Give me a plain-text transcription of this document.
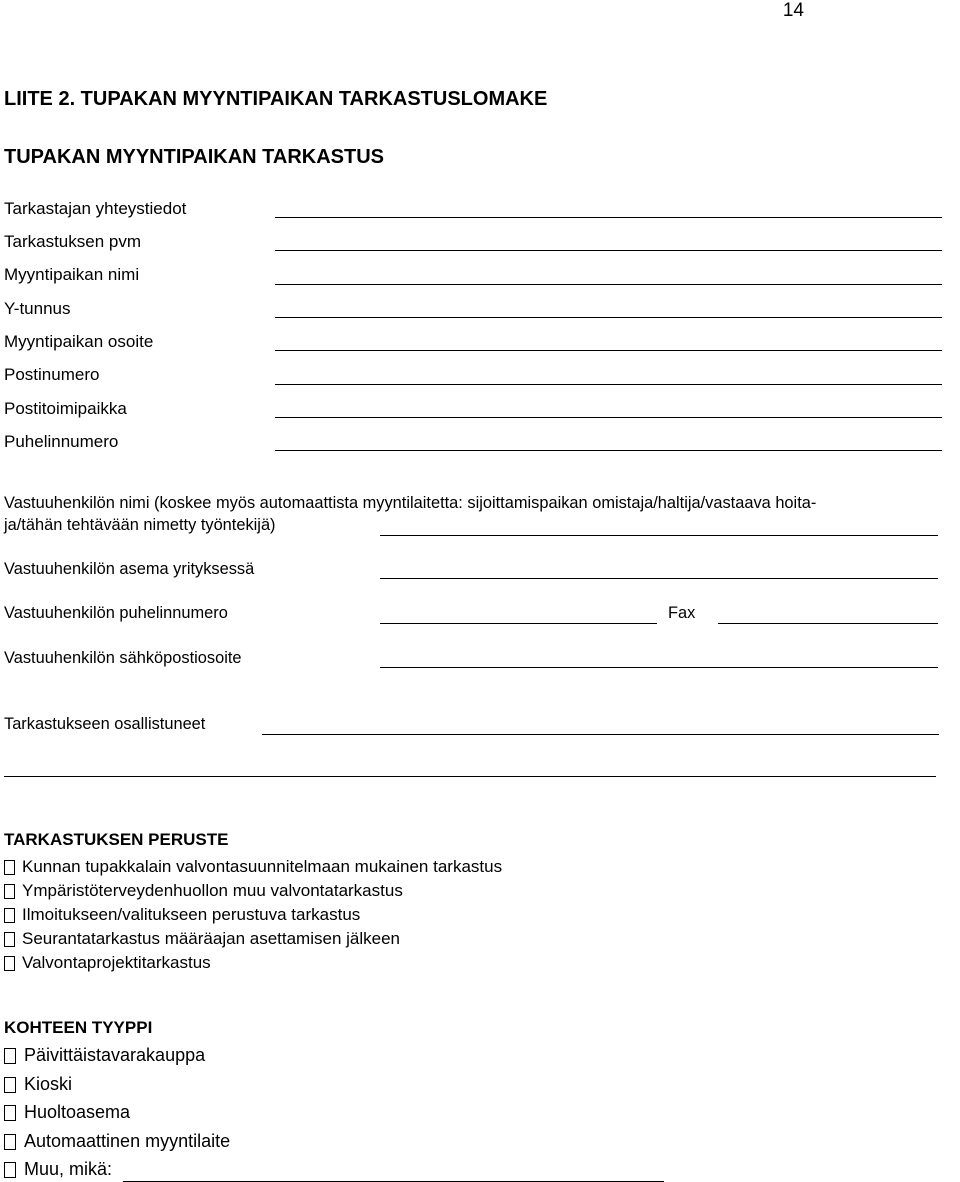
14
LIITE 2. TUPAKAN MYYNTIPAIKAN TARKASTUSLOMAKE
TUPAKAN MYYNTIPAIKAN TARKASTUS
Tarkastajan yhteystiedot
Tarkastuksen pvm
Myyntipaikan nimi
Y-tunnus
Myyntipaikan osoite
Postinumero
Postitoimipaikka
Puhelinnumero
Vastuuhenkilön nimi (koskee myös automaattista myyntilaitetta: sijoittamispaikan omistaja/haltija/vastaava hoita-
ja/tähän tehtävään nimetty työntekijä)
Vastuuhenkilön asema yrityksessä
Vastuuhenkilön puhelinnumero	Fax
Vastuuhenkilön sähköpostiosoite
Tarkastukseen osallistuneet
TARKASTUKSEN PERUSTE
Kunnan tupakkalain valvontasuunnitelmaan mukainen tarkastus
Ympäristöterveydenhuollon muu valvontatarkastus
Ilmoitukseen/valitukseen perustuva tarkastus
Seurantatarkastus määräajan asettamisen jälkeen
Valvontaprojektitarkastus
KOHTEEN TYYPPI
Päivittäistavarakauppa
Kioski
Huoltoasema
Automaattinen myyntilaite
Muu, mikä:
